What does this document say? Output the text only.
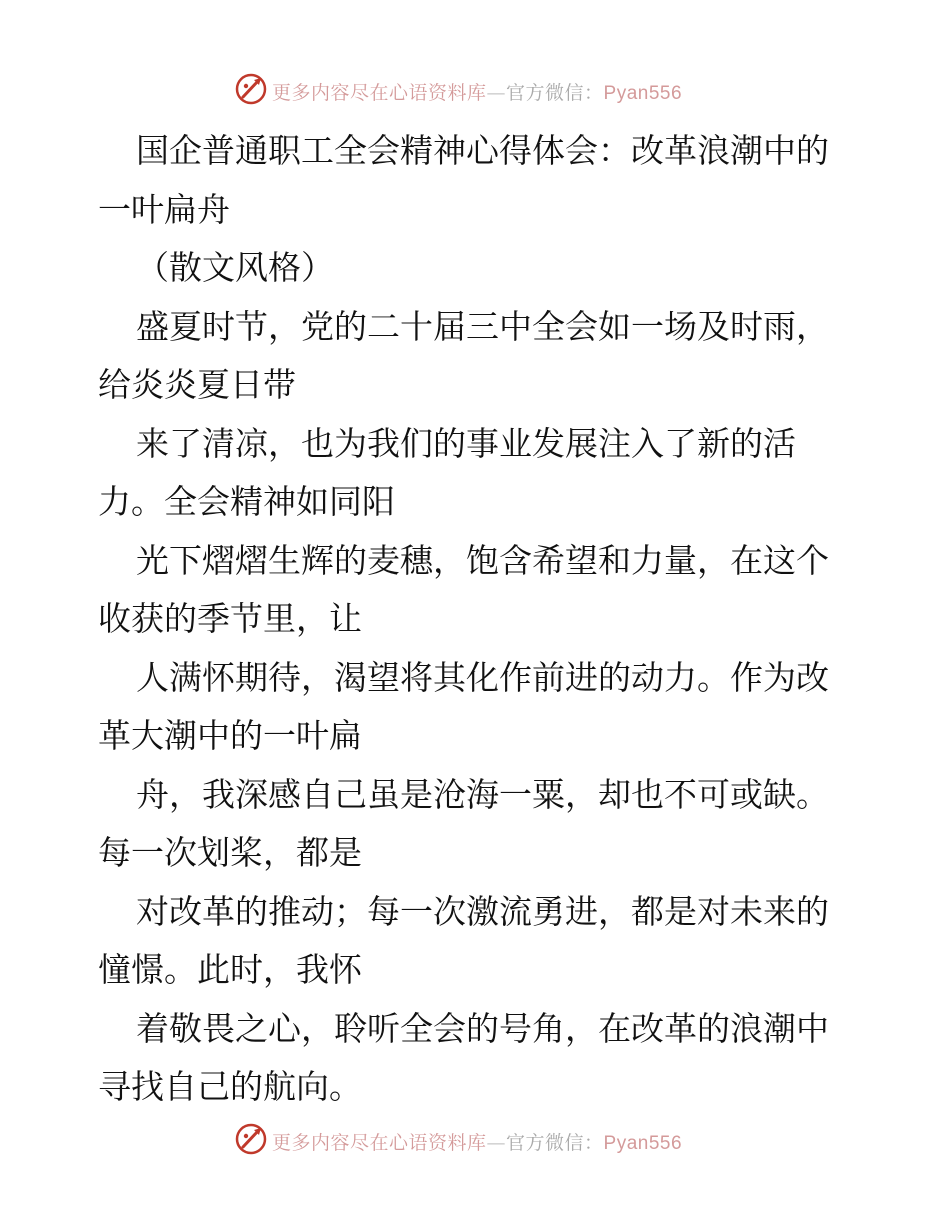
更多内容尽在心语资料库—官方微信：Pyan556
国企普通职工全会精神心得体会：改革浪潮中的
一叶扁舟
（散文风格）
盛夏时节，党的二十届三中全会如一场及时雨，
给炎炎夏日带
来了清凉，也为我们的事业发展注入了新的活
力。全会精神如同阳
光下熠熠生辉的麦穗，饱含希望和力量，在这个
收获的季节里，让
人满怀期待，渴望将其化作前进的动力。作为改
革大潮中的一叶扁
舟，我深感自己虽是沧海一粟，却也不可或缺。
每一次划桨，都是
对改革的推动；每一次激流勇进，都是对未来的
憧憬。此时，我怀
着敬畏之心，聆听全会的号角，在改革的浪潮中
寻找自己的航向。
更多内容尽在心语资料库—官方微信：Pyan556
